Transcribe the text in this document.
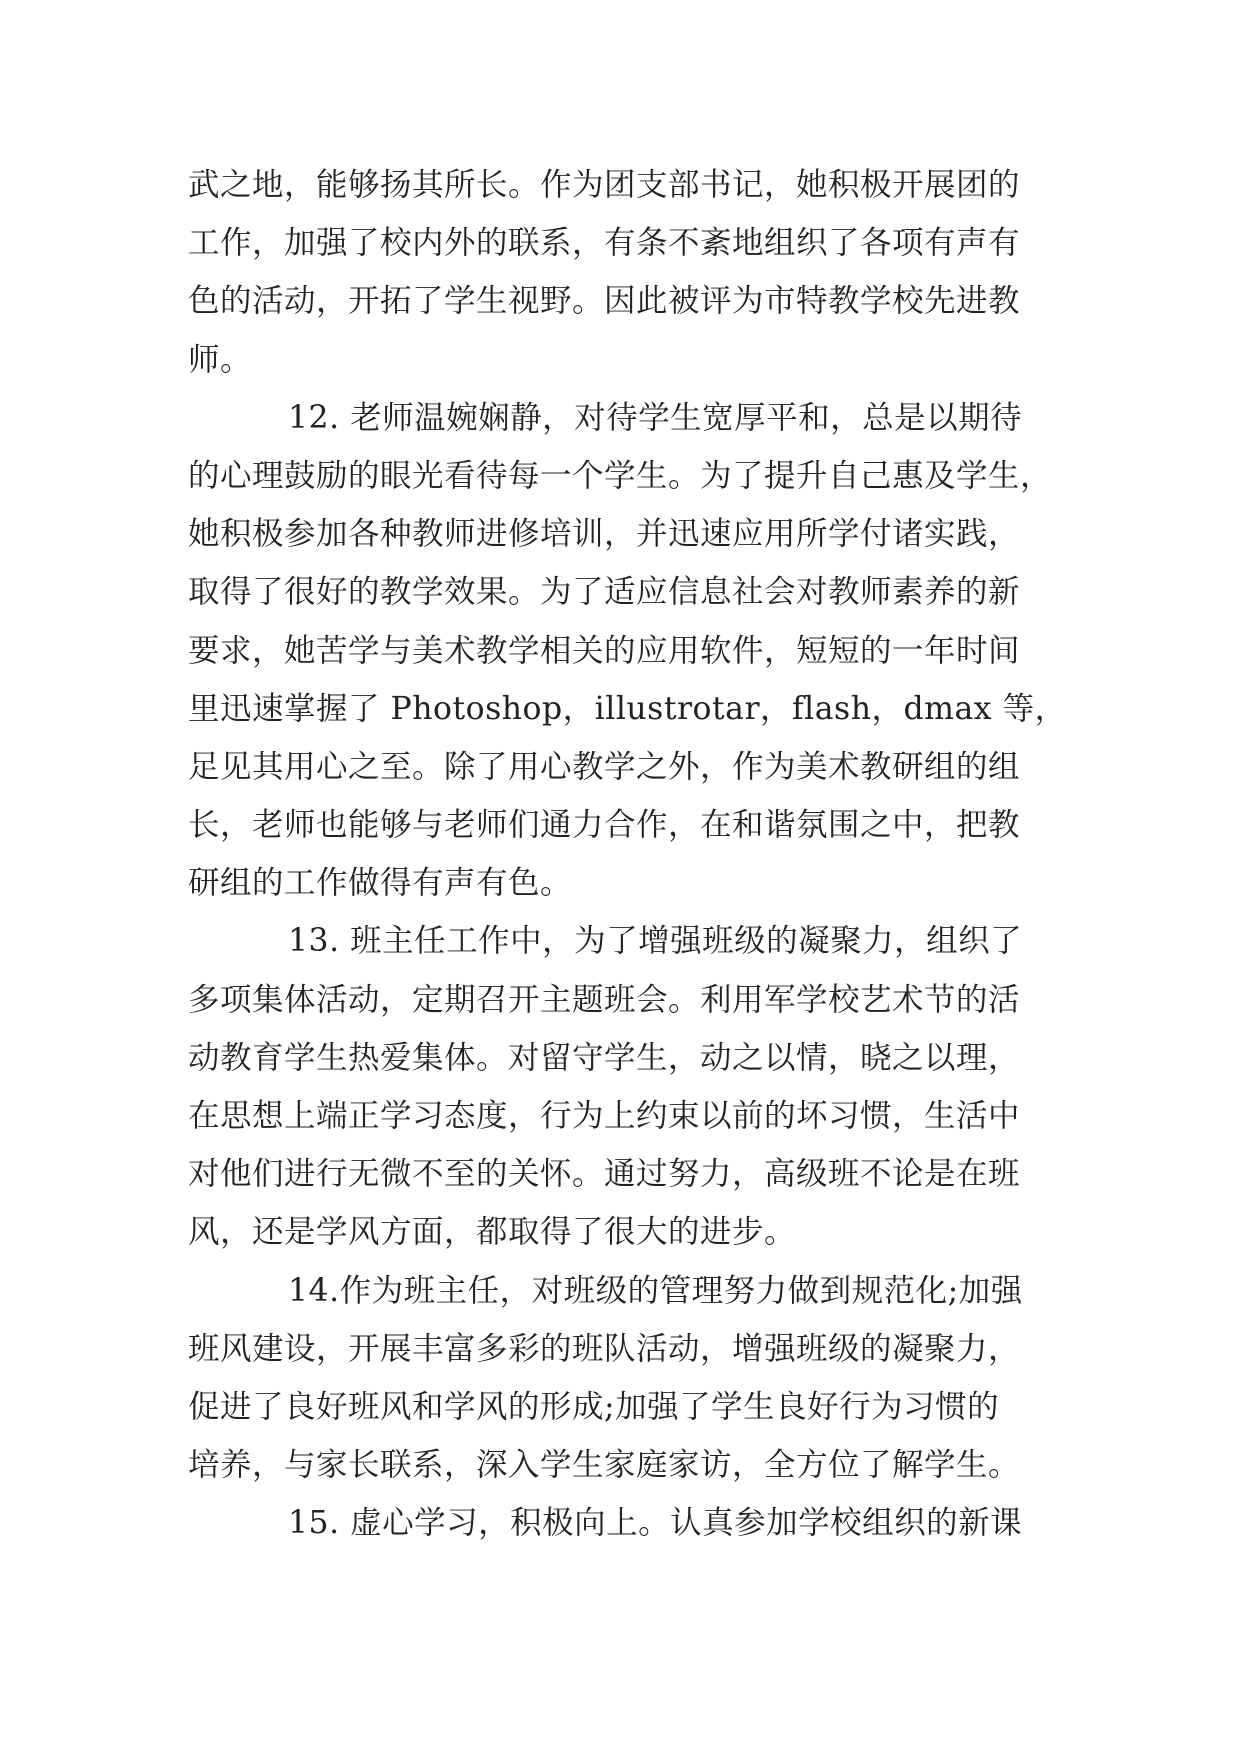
武之地，能够扬其所长。作为团支部书记，她积极开展团的
工作，加强了校内外的联系，有条不紊地组织了各项有声有
色的活动，开拓了学生视野。因此被评为市特教学校先进教
师。
12. 老师温婉娴静，对待学生宽厚平和，总是以期待
的心理鼓励的眼光看待每一个学生。为了提升自己惠及学生，
她积极参加各种教师进修培训，并迅速应用所学付诸实践，
取得了很好的教学效果。为了适应信息社会对教师素养的新
要求，她苦学与美术教学相关的应用软件，短短的一年时间
里迅速掌握了 Photoshop，illustrotar，flash，dmax 等，
足见其用心之至。除了用心教学之外，作为美术教研组的组
长，老师也能够与老师们通力合作，在和谐氛围之中，把教
研组的工作做得有声有色。
13. 班主任工作中，为了增强班级的凝聚力，组织了
多项集体活动，定期召开主题班会。利用军学校艺术节的活
动教育学生热爱集体。对留守学生，动之以情，晓之以理，
在思想上端正学习态度，行为上约束以前的坏习惯，生活中
对他们进行无微不至的关怀。通过努力，高级班不论是在班
风，还是学风方面，都取得了很大的进步。
14.作为班主任，对班级的管理努力做到规范化;加强
班风建设，开展丰富多彩的班队活动，增强班级的凝聚力，
促进了良好班风和学风的形成;加强了学生良好行为习惯的
培养，与家长联系，深入学生家庭家访，全方位了解学生。
15. 虚心学习，积极向上。认真参加学校组织的新课
